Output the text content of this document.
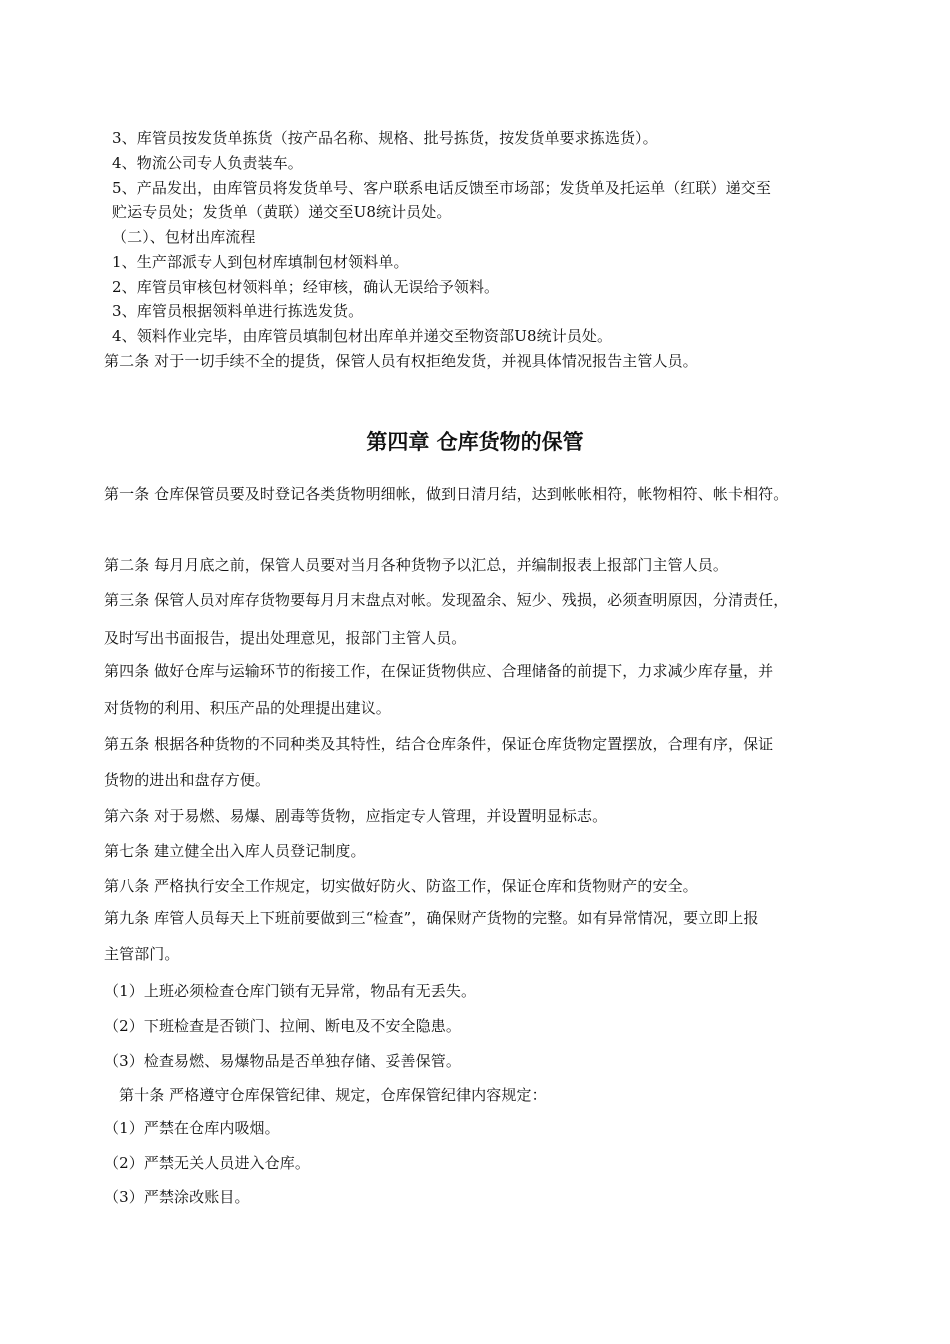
3、库管员按发货单拣货（按产品名称、规格、批号拣货，按发货单要求拣选货）。
4、物流公司专人负责装车。
5、产品发出，由库管员将发货单号、客户联系电话反馈至市场部；发货单及托运单（红联）递交至
贮运专员处；发货单（黄联）递交至U8统计员处。
（二）、包材出库流程
1、生产部派专人到包材库填制包材领料单。
2、库管员审核包材领料单；经审核，确认无误给予领料。
3、库管员根据领料单进行拣选发货。
4、领料作业完毕，由库管员填制包材出库单并递交至物资部U8统计员处。
第二条 对于一切手续不全的提货，保管人员有权拒绝发货，并视具体情况报告主管人员。
第四章 仓库货物的保管
第一条 仓库保管员要及时登记各类货物明细帐，做到日清月结，达到帐帐相符，帐物相符、帐卡相符。
第二条 每月月底之前，保管人员要对当月各种货物予以汇总，并编制报表上报部门主管人员。
第三条 保管人员对库存货物要每月月末盘点对帐。发现盈余、短少、残损，必须查明原因，分清责任，
及时写出书面报告，提出处理意见，报部门主管人员。
第四条 做好仓库与运输环节的衔接工作，在保证货物供应、合理储备的前提下，力求减少库存量，并
对货物的利用、积压产品的处理提出建议。
第五条 根据各种货物的不同种类及其特性，结合仓库条件，保证仓库货物定置摆放，合理有序，保证
货物的进出和盘存方便。
第六条 对于易燃、易爆、剧毒等货物，应指定专人管理，并设置明显标志。
第七条 建立健全出入库人员登记制度。
第八条 严格执行安全工作规定，切实做好防火、防盗工作，保证仓库和货物财产的安全。
第九条 库管人员每天上下班前要做到三“检查”，确保财产货物的完整。如有异常情况，要立即上报
主管部门。
（1）上班必须检查仓库门锁有无异常，物品有无丢失。
（2）下班检查是否锁门、拉闸、断电及不安全隐患。
（3）检查易燃、易爆物品是否单独存储、妥善保管。
第十条 严格遵守仓库保管纪律、规定，仓库保管纪律内容规定：
（1）严禁在仓库内吸烟。
（2）严禁无关人员进入仓库。
（3）严禁涂改账目。
